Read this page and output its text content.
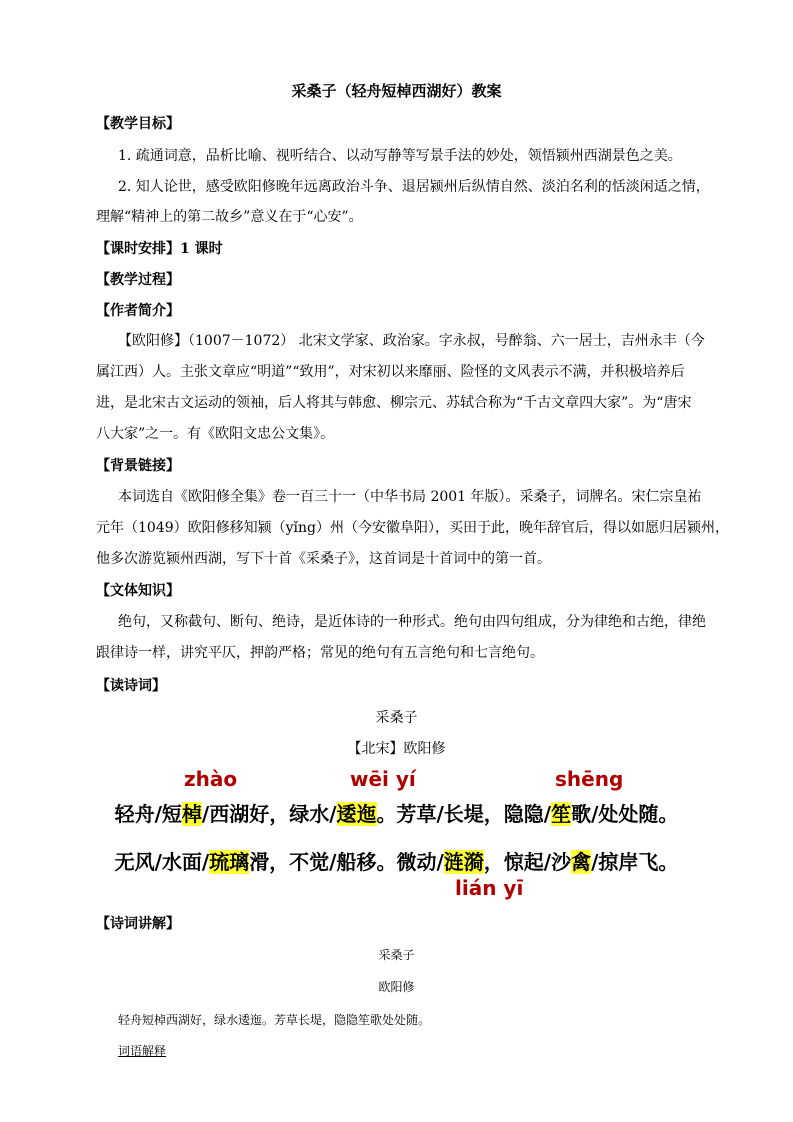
采桑子（轻舟短棹西湖好）教案
【教学目标】
1. 疏通词意，品析比喻、视听结合、以动写静等写景手法的妙处，领悟颍州西湖景色之美。
2. 知人论世，感受欧阳修晚年远离政治斗争、退居颍州后纵情自然、淡泊名利的恬淡闲适之情，
理解“精神上的第二故乡”意义在于“心安”。
【课时安排】1 课时
【教学过程】
【作者简介】
【欧阳修】（1007－1072） 北宋文学家、政治家。字永叔，号醉翁、六一居士，吉州永丰（今
属江西）人。主张文章应“明道”“致用”，对宋初以来靡丽、险怪的文风表示不满，并积极培养后
进，是北宋古文运动的领袖，后人将其与韩愈、柳宗元、苏轼合称为“千古文章四大家”。为“唐宋
八大家”之一。有《欧阳文忠公文集》。
【背景链接】
本词选自《欧阳修全集》卷一百三十一（中华书局 2001 年版）。采桑子，词牌名。宋仁宗皇祐
元年（1049）欧阳修移知颍（yǐng）州（今安徽阜阳），买田于此，晚年辞官后，得以如愿归居颍州，
他多次游览颍州西湖，写下十首《采桑子》，这首词是十首词中的第一首。
【文体知识】
绝句，又称截句、断句、绝诗，是近体诗的一种形式。绝句由四句组成，分为律绝和古绝，律绝
跟律诗一样，讲究平仄，押韵严格；常见的绝句有五言绝句和七言绝句。
【读诗词】
采桑子
【北宋】欧阳修
zhào	wēi yí	shēng
轻舟/短棹/西湖好，绿水/逶迤。芳草/长堤，隐隐/笙歌/处处随。
无风/水面/琉璃滑，不觉/船移。微动/涟漪，惊起/沙禽/掠岸飞。
lián yī
【诗词讲解】
采桑子
欧阳修
轻舟短棹西湖好，绿水逶迤。芳草长堤，隐隐笙歌处处随。
词语解释
